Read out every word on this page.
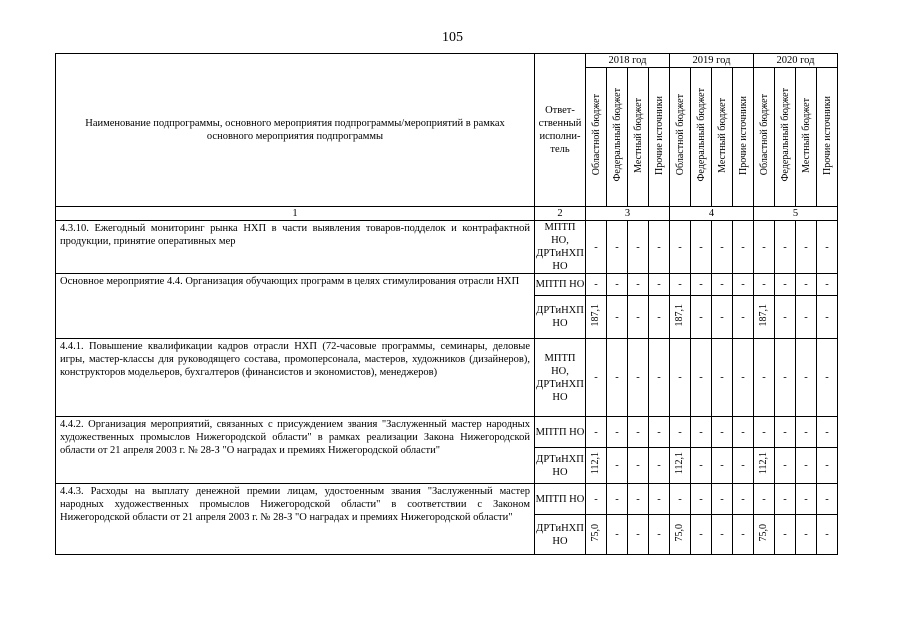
105
Наименование подпрограммы, основного мероприятия подпрограммы/мероприятий в рамках основного мероприятия подпрограммы	Ответ-ственный исполни-тель	2018 год				2019 год				2020 год			
		Областной бюджет	Федеральный бюджет	Местный бюджет	Прочие источники	Областной бюджет	Федеральный бюджет	Местный бюджет	Прочие источники	Областной бюджет	Федеральный бюджет	Местный бюджет	Прочие источники
1	2	3				4				5			
4.3.10. Ежегодный мониторинг рынка НХП в части выявления товаров-подделок и контрафактной продукции, принятие оперативных мер	МПТП НО, ДРТиНХП НО	-	-	-	-	-	-	-	-	-	-	-	-
Основное мероприятие 4.4. Организация обучающих программ в целях стимулирования отрасли НХП	МПТП НО	-	-	-	-	-	-	-	-	-	-	-	-
	ДРТиНХП НО	187,1	-	-	-	187,1	-	-	-	187,1	-	-	-
4.4.1. Повышение квалификации кадров отрасли НХП (72-часовые программы, семинары, деловые игры, мастер-классы для руководящего состава, промоперсонала, мастеров, художников (дизайнеров), конструкторов модельеров, бухгалтеров (финансистов и экономистов), менеджеров)	МПТП НО, ДРТиНХП НО	-	-	-	-	-	-	-	-	-	-	-	-
4.4.2. Организация мероприятий, связанных с присуждением звания "Заслуженный мастер народных художественных промыслов Нижегородской области" в рамках реализации Закона Нижегородской области от 21 апреля 2003 г. № 28-З "О наградах и премиях Нижегородской области"	МПТП НО	-	-	-	-	-	-	-	-	-	-	-	-
	ДРТиНХП НО	112,1	-	-	-	112,1	-	-	-	112,1	-	-	-
4.4.3. Расходы на выплату денежной премии лицам, удостоенным звания "Заслуженный мастер народных художественных промыслов Нижегородской области" в соответствии с Законом Нижегородской области от 21 апреля 2003 г. № 28-З "О наградах и премиях Нижегородской области"	МПТП НО	-	-	-	-	-	-	-	-	-	-	-	-
	ДРТиНХП НО	75,0	-	-	-	75,0	-	-	-	75,0	-	-	-
